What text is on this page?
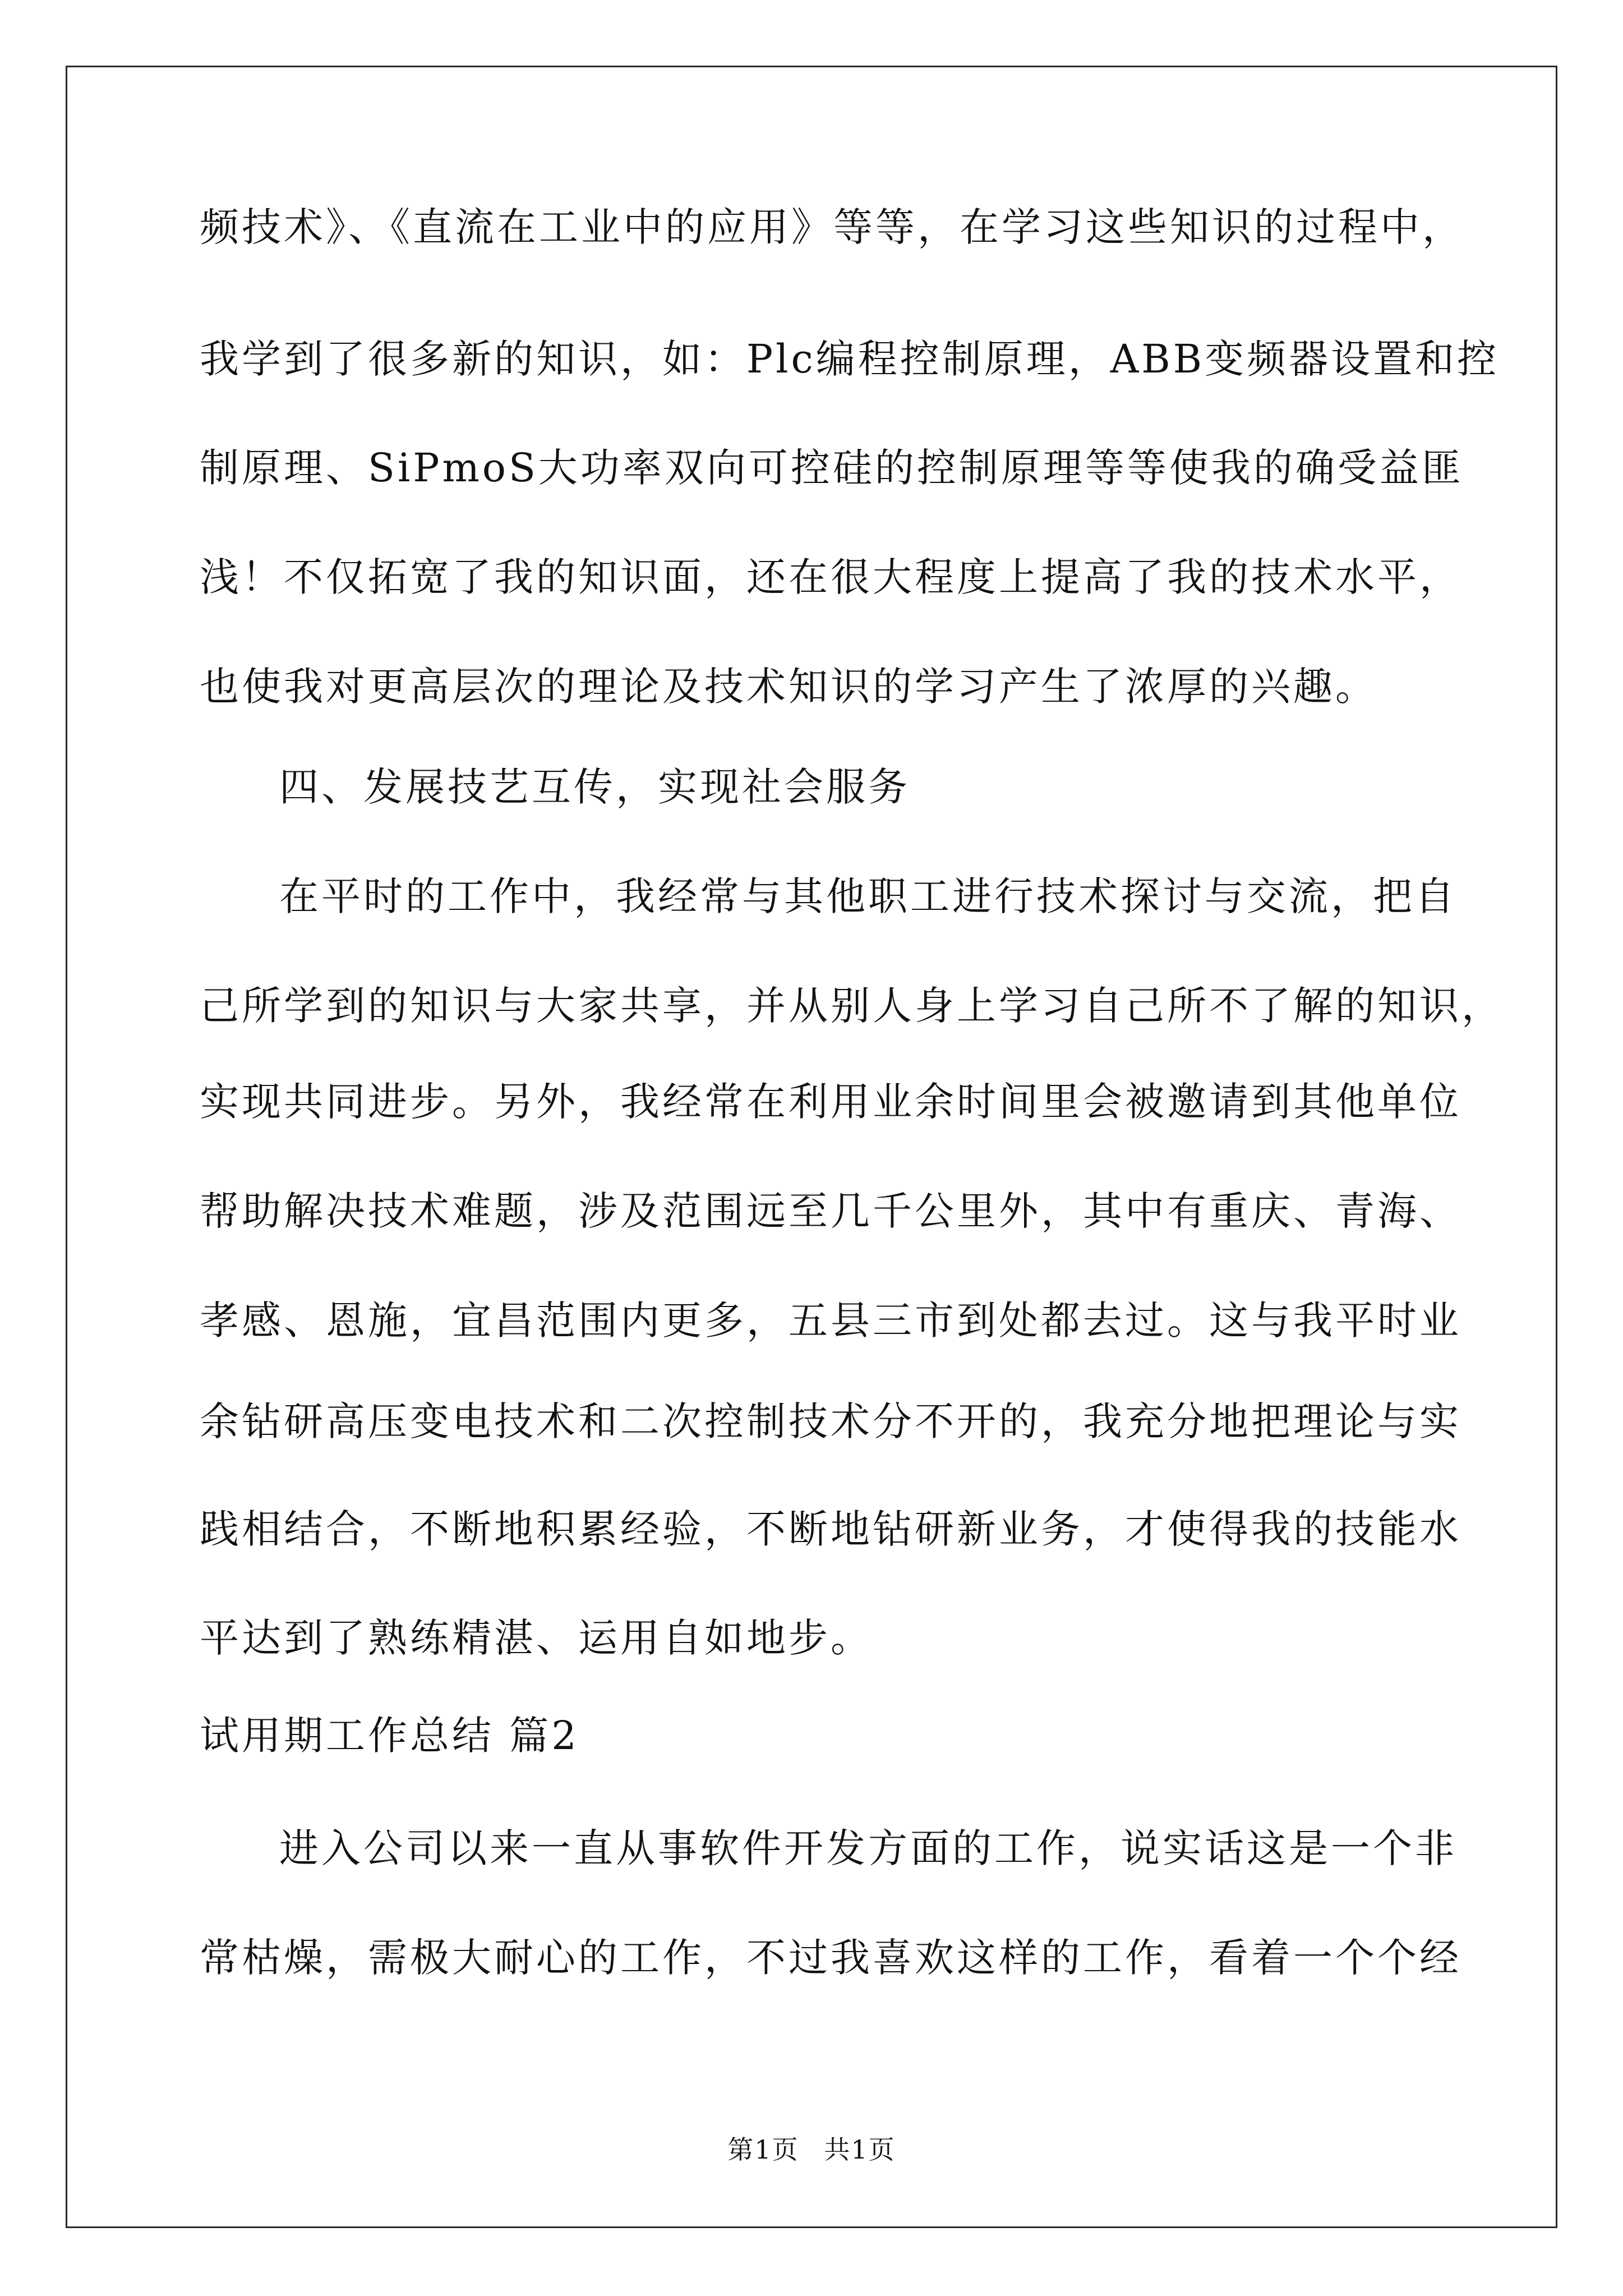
频技术》、《直流在工业中的应用》等等，在学习这些知识的过程中，
我学到了很多新的知识，如：Plc编程控制原理，ABB变频器设置和控
制原理、SiPmoS大功率双向可控硅的控制原理等等使我的确受益匪
浅！不仅拓宽了我的知识面，还在很大程度上提高了我的技术水平，
也使我对更高层次的理论及技术知识的学习产生了浓厚的兴趣。
四、发展技艺互传，实现社会服务
在平时的工作中，我经常与其他职工进行技术探讨与交流，把自
己所学到的知识与大家共享，并从别人身上学习自己所不了解的知识，
实现共同进步。另外，我经常在利用业余时间里会被邀请到其他单位
帮助解决技术难题，涉及范围远至几千公里外，其中有重庆、青海、
孝感、恩施，宜昌范围内更多，五县三市到处都去过。这与我平时业
余钻研高压变电技术和二次控制技术分不开的，我充分地把理论与实
践相结合，不断地积累经验，不断地钻研新业务，才使得我的技能水
平达到了熟练精湛、运用自如地步。
试用期工作总结 篇2
进入公司以来一直从事软件开发方面的工作，说实话这是一个非
常枯燥，需极大耐心的工作，不过我喜欢这样的工作，看着一个个经
第1页 共1页
